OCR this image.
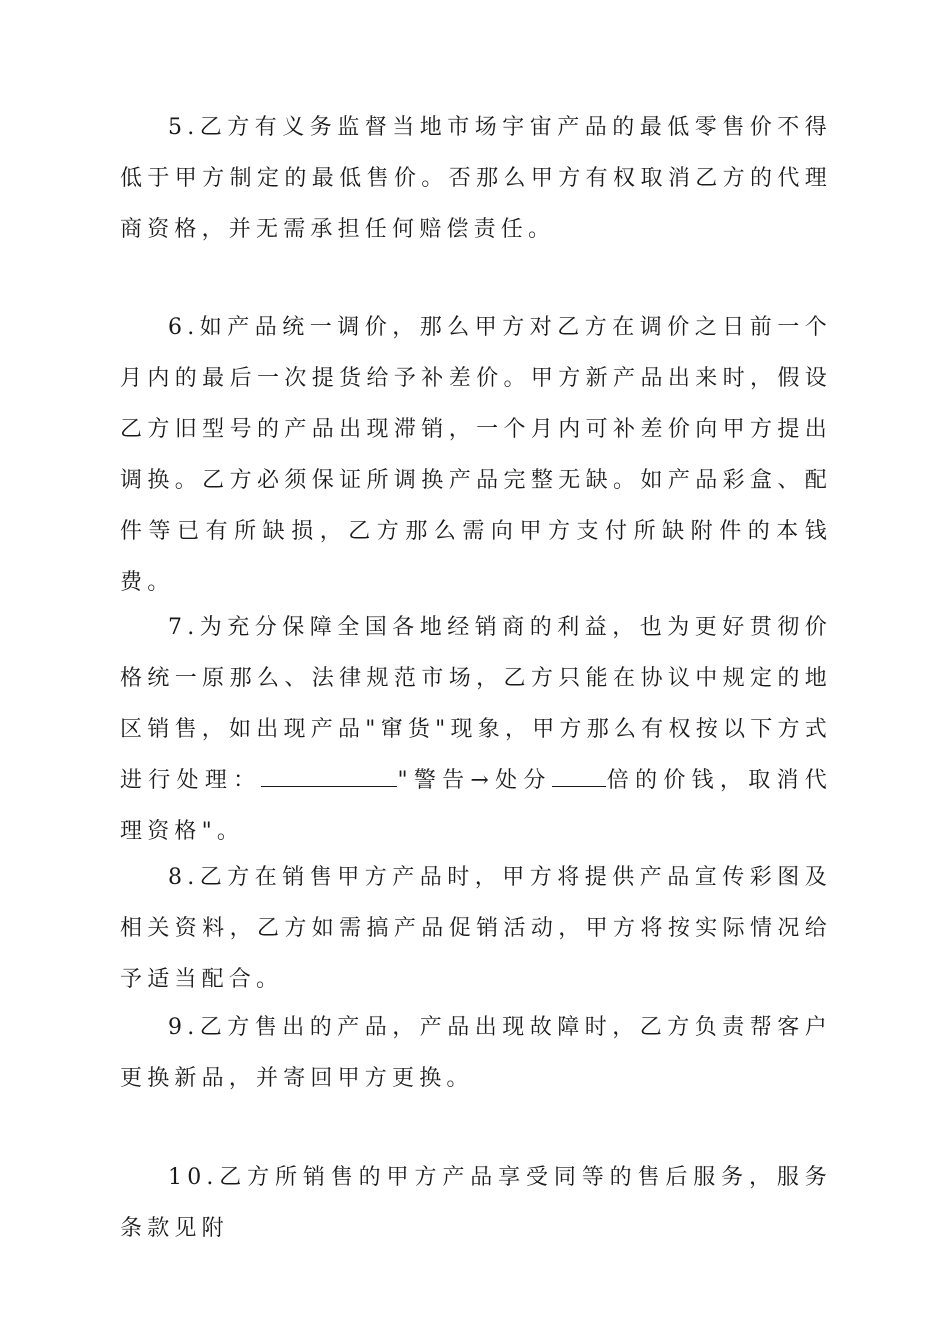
5.乙方有义务监督当地市场宇宙产品的最低零售价不得低于甲方制定的最低售价。否那么甲方有权取消乙方的代理商资格，并无需承担任何赔偿责任。

6.如产品统一调价，那么甲方对乙方在调价之日前一个月内的最后一次提货给予补差价。甲方新产品出来时，假设乙方旧型号的产品出现滞销，一个月内可补差价向甲方提出调换。乙方必须保证所调换产品完整无缺。如产品彩盒、配件等已有所缺损，乙方那么需向甲方支付所缺附件的本钱费。

7.为充分保障全国各地经销商的利益，也为更好贯彻价格统一原那么、法律规范市场，乙方只能在协议中规定的地区销售，如出现产品"窜货"现象，甲方那么有权按以下方式进行处理：	"警告→处分 倍的价钱，取消代理资格"。

8.乙方在销售甲方产品时，甲方将提供产品宣传彩图及相关资料，乙方如需搞产品促销活动，甲方将按实际情况给予适当配合。

9.乙方售出的产品，产品出现故障时，乙方负责帮客户更换新品，并寄回甲方更换。

10.乙方所销售的甲方产品享受同等的售后服务，服务条款见附
